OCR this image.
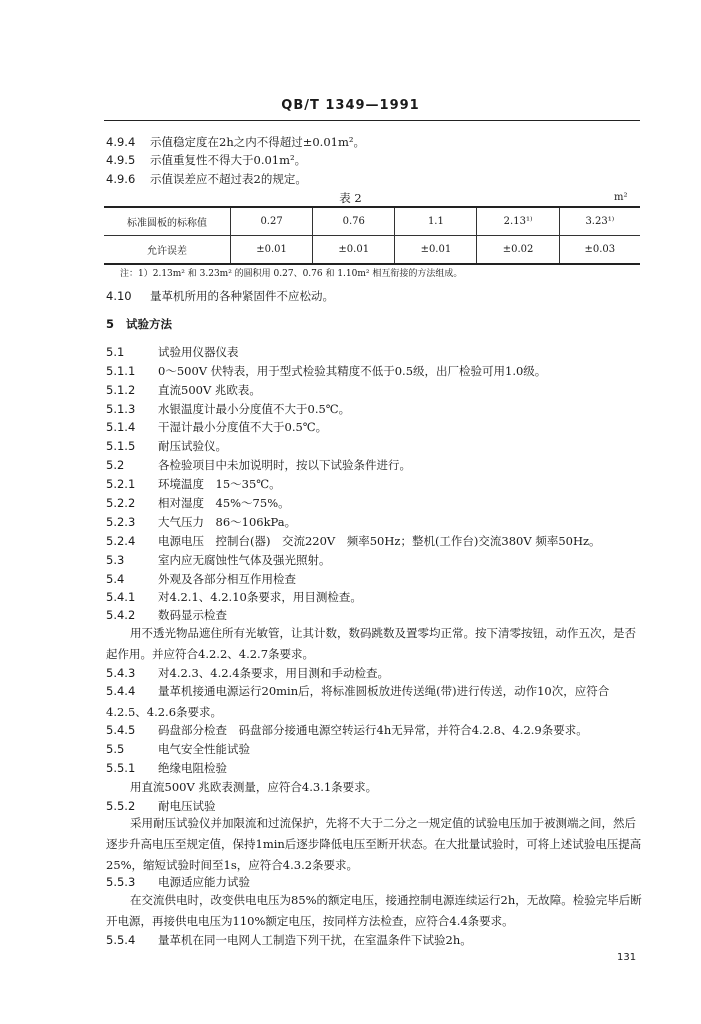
QB/T 1349—1991
4.9.4 示值稳定度在2h之内不得超过±0.01m²。
4.9.5 示值重复性不得大于0.01m²。
4.9.6 示值误差应不超过表2的规定。
表 2	m²
标准圆板的标称值	0.27	0.76	1.1	2.13¹⁾	3.23¹⁾
允许误差	±0.01	±0.01	±0.01	±0.02	±0.03
注：1）2.13m² 和 3.23m² 的圆积用 0.27、0.76 和 1.10m² 相互衔接的方法组成。
4.10 量革机所用的各种紧固件不应松动。
5 试验方法
5.1	试验用仪器仪表
5.1.1 0～500V 伏特表，用于型式检验其精度不低于0.5级，出厂检验可用1.0级。
5.1.2 直流500V 兆欧表。
5.1.3 水银温度计最小分度值不大于0.5℃。
5.1.4 干湿计最小分度值不大于0.5℃。
5.1.5 耐压试验仪。
5.2	各检验项目中未加说明时，按以下试验条件进行。
5.2.1 环境温度　15～35℃。
5.2.2 相对湿度　45%～75%。
5.2.3 大气压力　86～106kPa。
5.2.4 电源电压　控制台(器)　交流220V　频率50Hz；整机(工作台)交流380V 频率50Hz。
5.3	室内应无腐蚀性气体及强光照射。
5.4	外观及各部分相互作用检查
5.4.1 对4.2.1、4.2.10条要求，用目测检查。
5.4.2 数码显示检查
用不透光物品遮住所有光敏管，让其计数，数码跳数及置零均正常。按下清零按钮，动作五次，是否起作用。并应符合4.2.2、4.2.7条要求。
5.4.3 对4.2.3、4.2.4条要求，用目测和手动检查。
5.4.4 量革机接通电源运行20min后，将标准圆板放进传送绳(带)进行传送，动作10次，应符合4.2.5、4.2.6条要求。
5.4.5 码盘部分检查　码盘部分接通电源空转运行4h无异常，并符合4.2.8、4.2.9条要求。
5.5	电气安全性能试验
5.5.1 绝缘电阻检验
用直流500V 兆欧表测量，应符合4.3.1条要求。
5.5.2 耐电压试验
采用耐压试验仪并加限流和过流保护，先将不大于二分之一规定值的试验电压加于被测端之间，然后逐步升高电压至规定值，保持1min后逐步降低电压至断开状态。在大批量试验时，可将上述试验电压提高25%，缩短试验时间至1s，应符合4.3.2条要求。
5.5.3 电源适应能力试验
在交流供电时，改变供电电压为85%的额定电压，接通控制电源连续运行2h，无故障。检验完毕后断开电源，再接供电电压为110%额定电压，按同样方法检查，应符合4.4条要求。
5.5.4 量革机在同一电网人工制造下列干扰，在室温条件下试验2h。
131
